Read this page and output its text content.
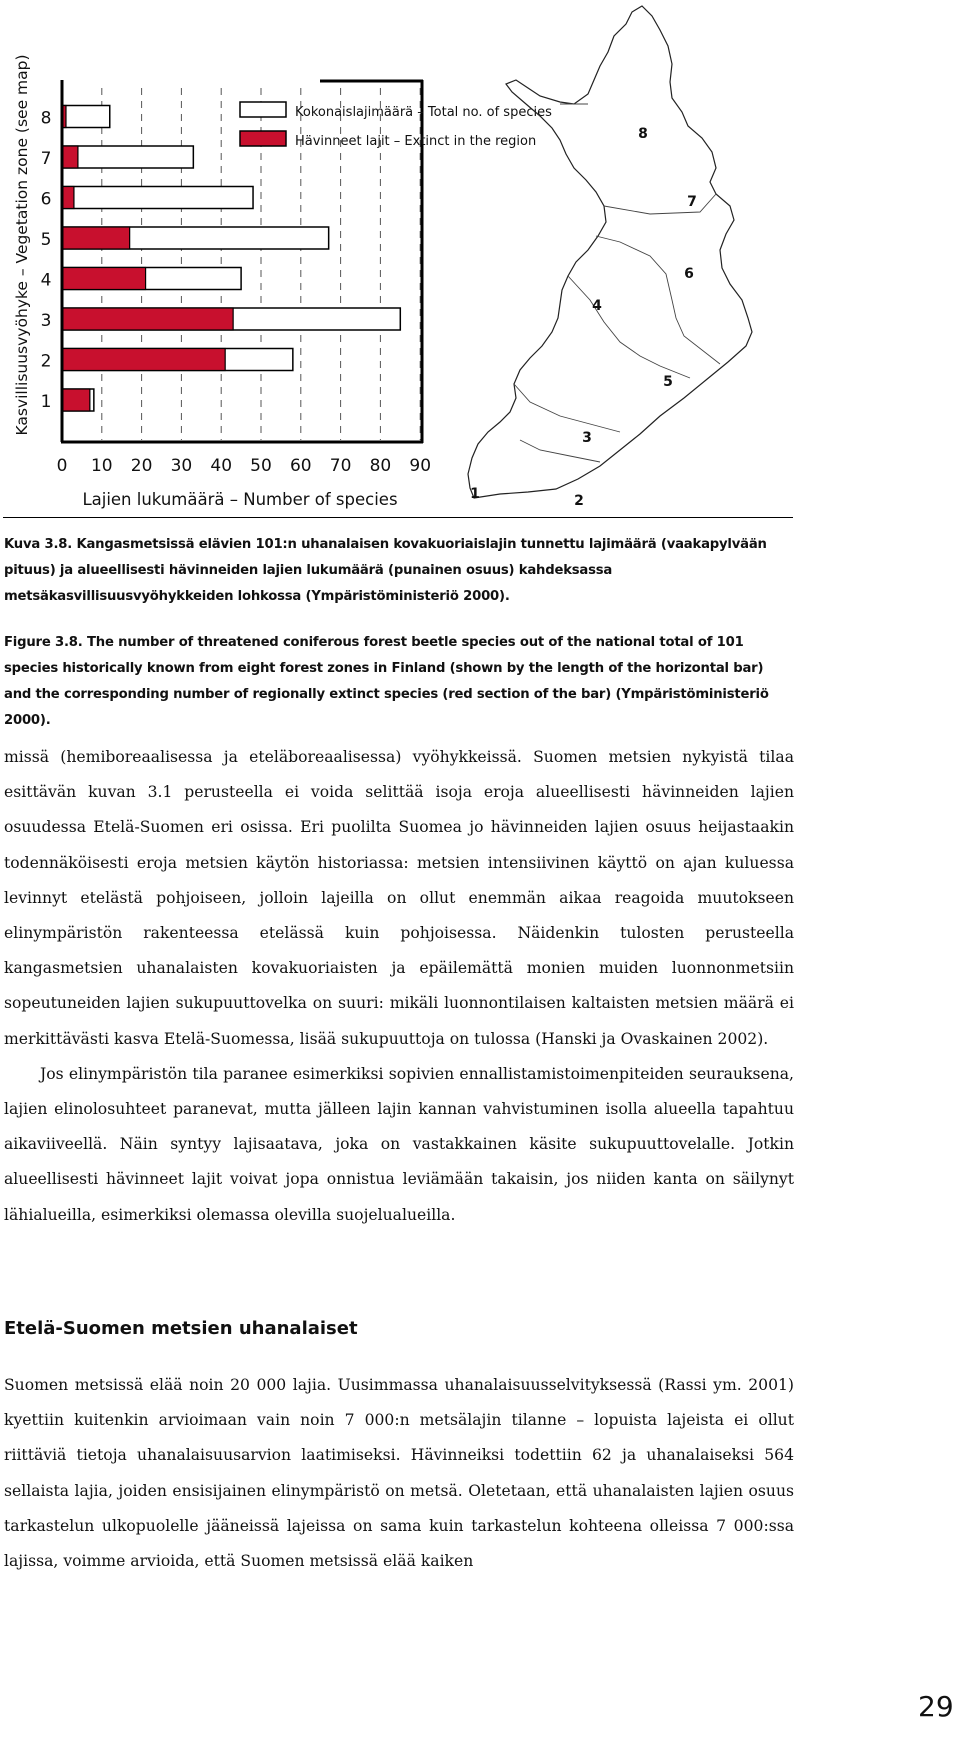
Kasvillisuusvyöhyke – Vegetation zone (see map) 1
2
3
4
5
6
7
8
0 10 20 30 40 50 60 70 80 90
Lajien lukumäärä – Number of species
Kokonaislajimäärä – Total no. of species
Hävinneet lajit – Extinct in the region
1	2
3
4
5
6
7
8
Kuva 3.8. Kangasmetsissä elävien 101:n uhanalaisen kovakuoriaislajin tunnettu lajimäärä (vaakapylvään pituus) ja alueellisesti hävinneiden lajien lukumäärä (punainen osuus) kahdeksassa metsäkasvillisuusvyöhykkeiden lohkossa (Ympäristöministeriö 2000).
Figure 3.8. The number of threatened coniferous forest beetle species out of the national total of 101 species historically known from eight forest zones in Finland (shown by the length of the horizontal bar) and the corresponding number of regionally extinct species (red section of the bar) (Ympäristöministeriö 2000).

missä (hemiboreaalisessa ja eteläboreaalisessa) vyöhykkeissä. Suomen metsien nykyistä tilaa esittävän kuvan 3.1 perusteella ei voida selittää isoja eroja alueellisesti hävinneiden lajien osuudessa Etelä-Suomen eri osissa. Eri puolilta Suomea jo hävinneiden lajien osuus heijastaakin todennäköisesti eroja metsien käytön historiassa: metsien intensiivinen käyttö on ajan kuluessa levinnyt etelästä pohjoiseen, jolloin lajeilla on ollut enemmän aikaa reagoida muutokseen elinympäristön rakenteessa etelässä kuin pohjoisessa. Näidenkin tulosten perusteella kangasmetsien uhanalaisten kovakuoriaisten ja epäilemättä monien muiden luonnonmetsiin sopeutuneiden lajien sukupuuttovelka on suuri: mikäli luonnontilaisen kaltaisten metsien määrä ei merkittävästi kasva Etelä-Suomessa, lisää sukupuuttoja on tulossa (Hanski ja Ovaskainen 2002).

Jos elinympäristön tila paranee esimerkiksi sopivien ennallistamistoimenpiteiden seurauksena, lajien elinolosuhteet paranevat, mutta jälleen lajin kannan vahvistuminen isolla alueella tapahtuu aikaviiveellä. Näin syntyy lajisaatava, joka on vastakkainen käsite sukupuuttovelalle. Jotkin alueellisesti hävinneet lajit voivat jopa onnistua leviämään takaisin, jos niiden kanta on säilynyt lähialueilla, esimerkiksi olemassa olevilla suojelualueilla.

Etelä-Suomen metsien uhanalaiset

Suomen metsissä elää noin 20 000 lajia. Uusimmassa uhanalaisuusselvityksessä (Rassi ym. 2001) kyettiin kuitenkin arvioimaan vain noin 7 000:n metsälajin tilanne – lopuista lajeista ei ollut riittäviä tietoja uhanalaisuusarvion laatimiseksi. Hävinneiksi todettiin 62 ja uhanalaiseksi 564 sellaista lajia, joiden ensisijainen elinympäristö on metsä. Oletetaan, että uhanalaisten lajien osuus tarkastelun ulkopuolelle jääneissä lajeissa on sama kuin tarkastelun kohteena olleissa 7 000:ssa lajissa, voimme arvioida, että Suomen metsissä elää kaiken

29
